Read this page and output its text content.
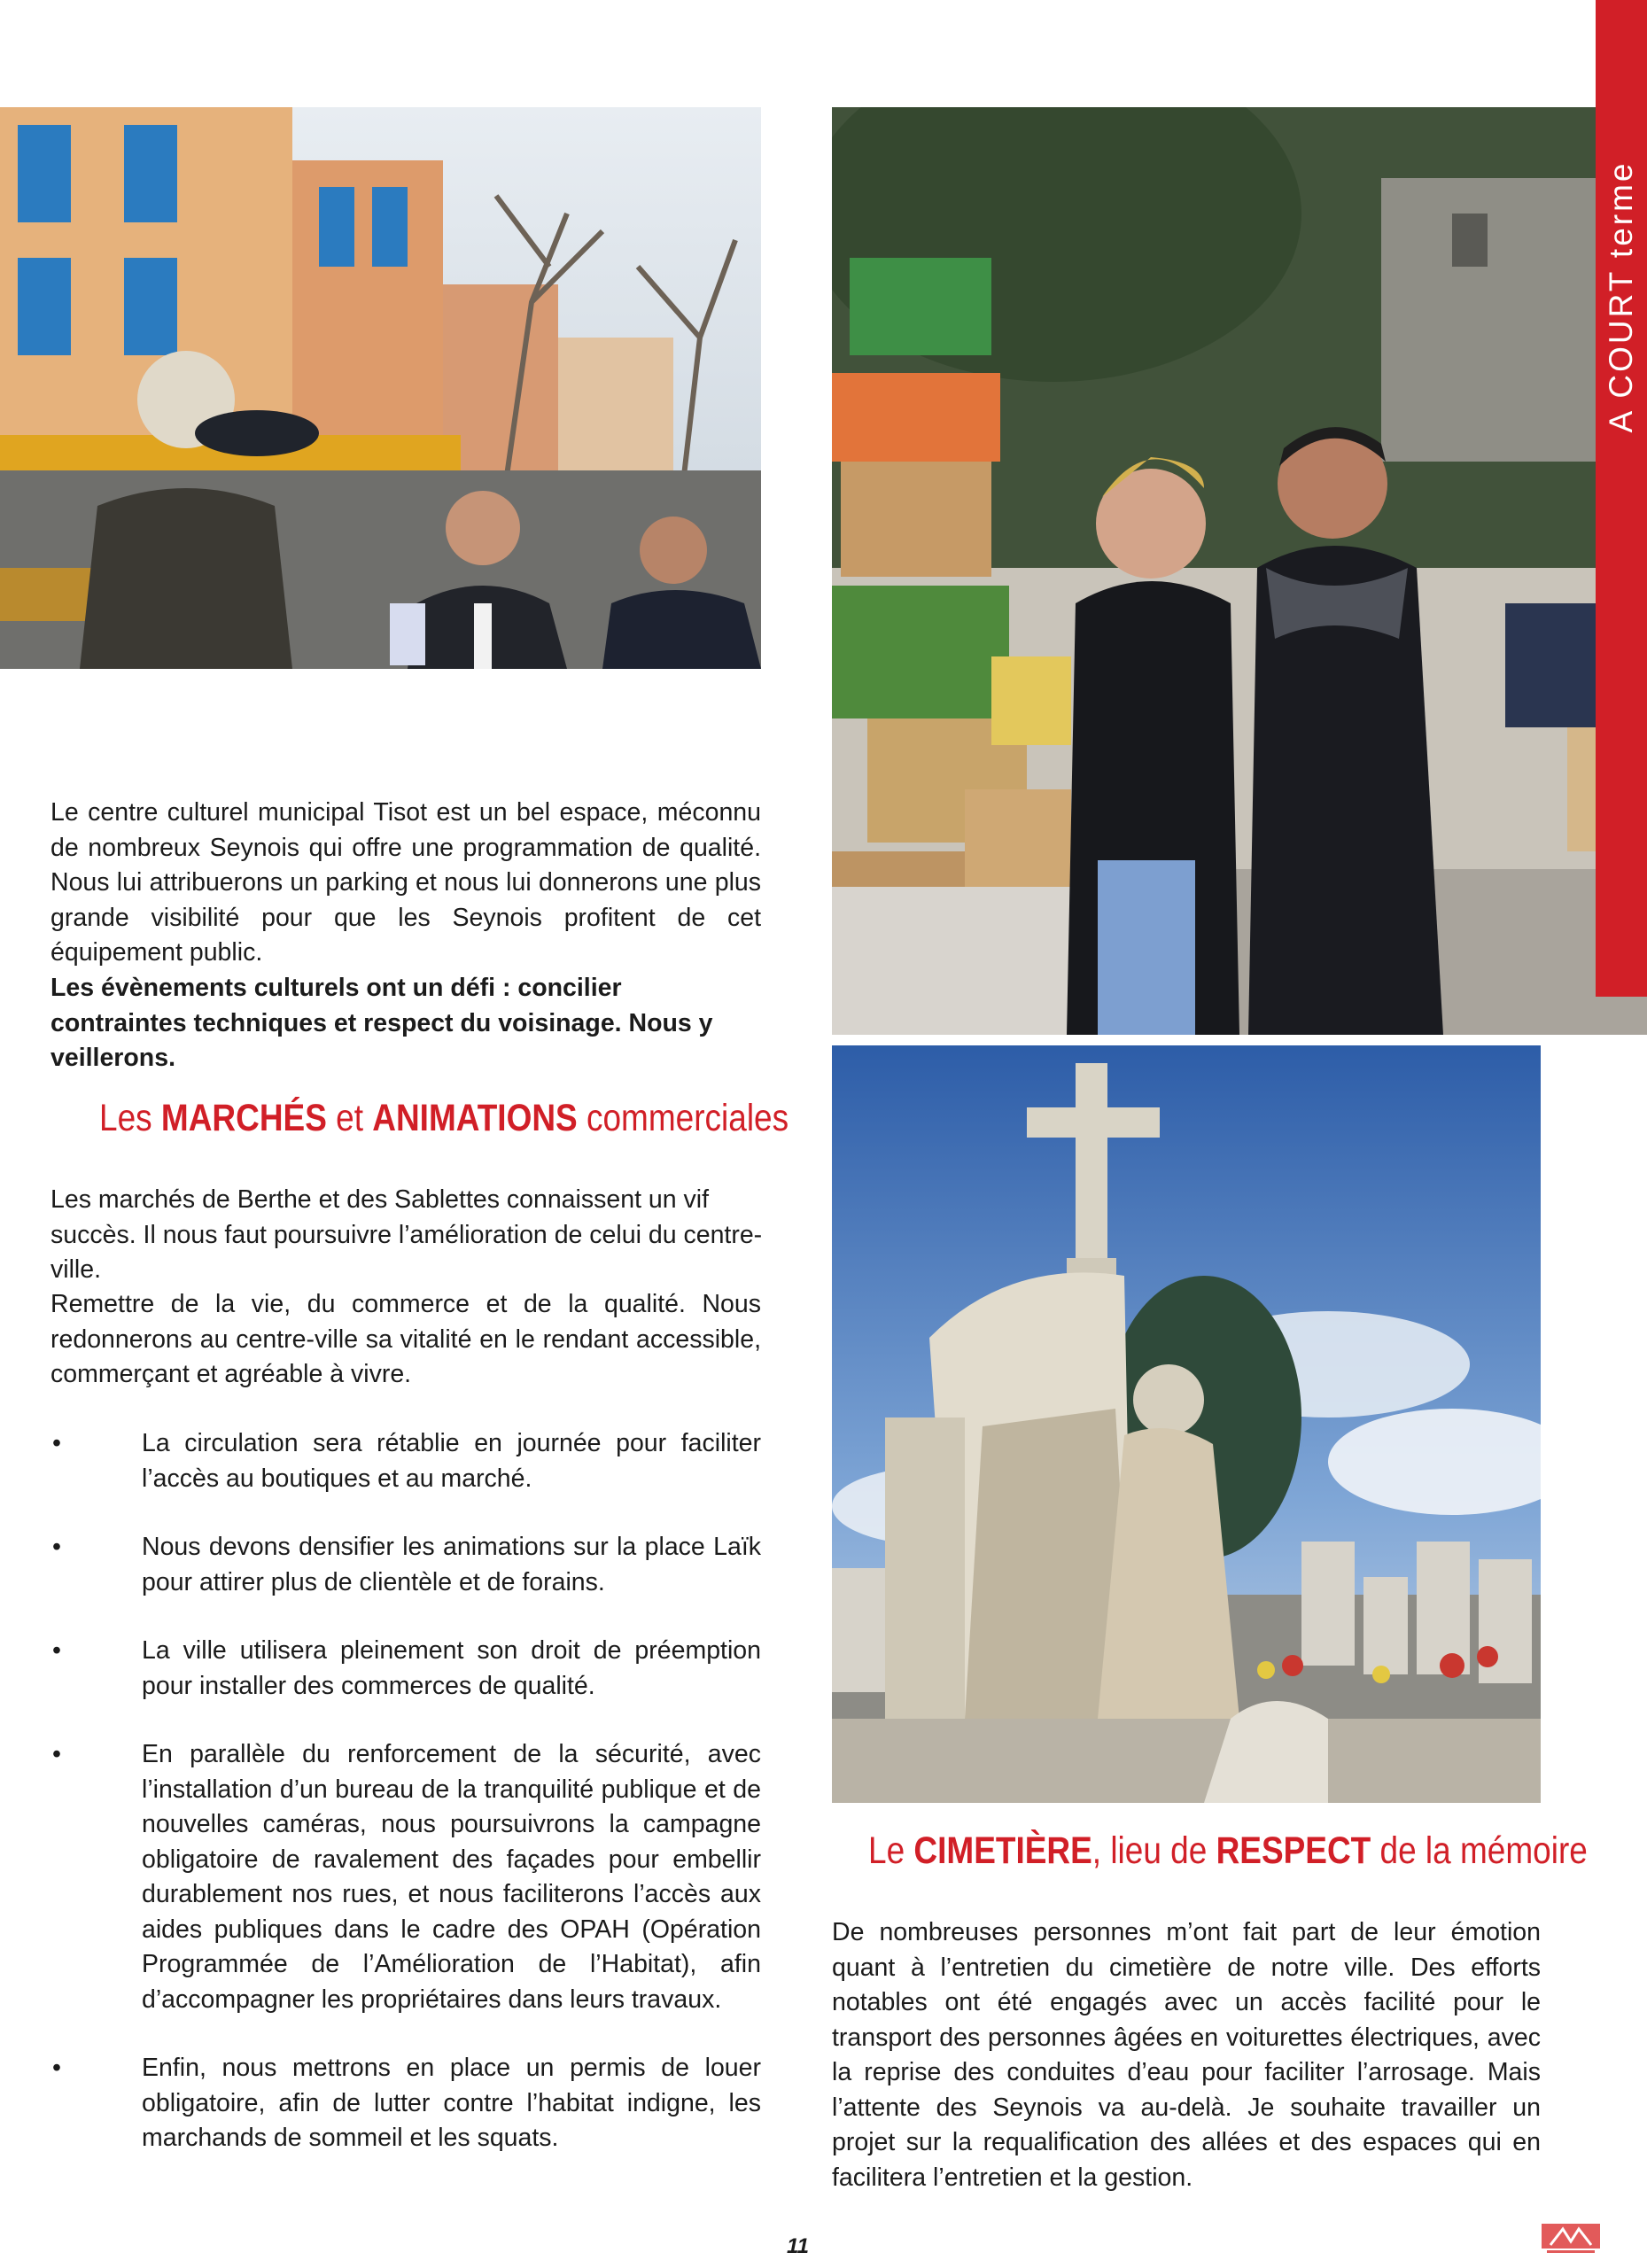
A COURT terme

Le centre culturel municipal Tisot est un bel espace, méconnu de nombreux Seynois qui offre une programmation de qualité. Nous lui attribuerons un parking et nous lui donnerons une plus grande visibilité pour que les Seynois profitent de cet équipement public.

Les évènements culturels ont un défi : concilier contraintes techniques et respect du voisinage. Nous y veillerons.

Les MARCHÉS et ANIMATIONS commerciales

Les marchés de Berthe et des Sablettes connaissent un vif succès. Il nous faut poursuivre l’amélioration de celui du centre-ville.

Remettre de la vie, du commerce et de la qualité. Nous redonnerons au centre-ville sa vitalité en le rendant accessible, commerçant et agréable à vivre.

•	La circulation sera rétablie en journée pour faciliter l’accès au boutiques et au marché.
•	Nous devons densifier les animations sur la place Laïk pour attirer plus de clientèle et de forains.
•	La ville utilisera pleinement son droit de préemption pour installer des commerces de qualité.
•	En parallèle du renforcement de la sécurité, avec l’installation d’un bureau de la tranquilité publique et de nouvelles caméras, nous poursuivrons la campagne obligatoire de ravalement des façades pour embellir durablement nos rues, et nous faciliterons l’accès aux aides publiques dans le cadre des OPAH (Opération Programmée de l’Amélioration de l’Habitat), afin d’accompagner les propriétaires dans leurs travaux.
•	Enfin, nous mettrons en place un permis de louer obligatoire, afin de lutter contre l’habitat indigne, les marchands de sommeil et les squats.
Le CIMETIÈRE, lieu de RESPECT de la mémoire

De nombreuses personnes m’ont fait part de leur émotion quant à l’entretien du cimetière de notre ville. Des efforts notables ont été engagés avec un accès facilité pour le transport des personnes âgées en voiturettes électriques, avec la reprise des conduites d’eau pour faciliter l’arrosage. Mais l’attente des Seynois va au-delà. Je souhaite travailler un projet sur la requalification des allées et des espaces qui en facilitera l’entretien et la gestion.

11
